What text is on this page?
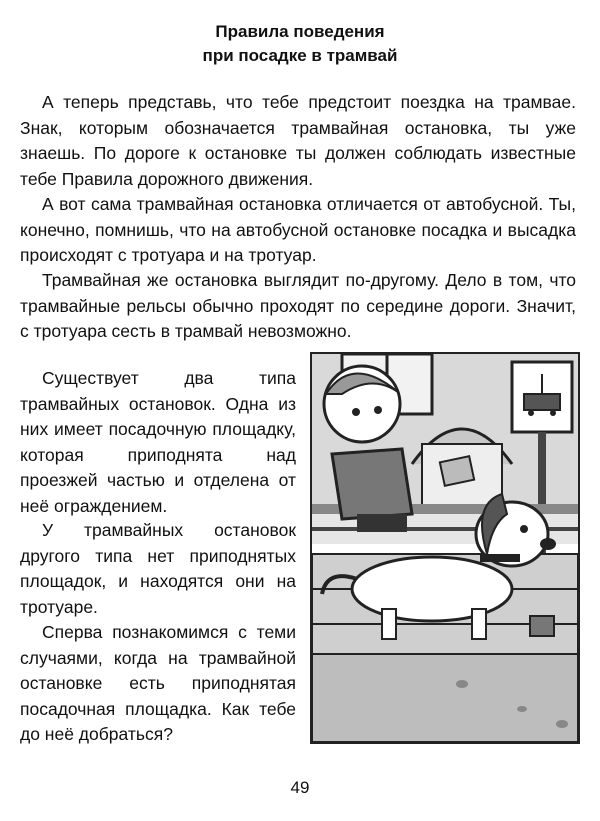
Правила поведения
при посадке в трамвай

А теперь представь, что тебе предстоит поездка на трамвае. Знак, которым обозначается трамвайная остановка, ты уже знаешь. По дороге к остановке ты должен соблюдать известные тебе Правила дорожного движения.

А вот сама трамвайная остановка отличается от автобусной. Ты, конечно, помнишь, что на автобусной остановке посадка и высадка происходят с тротуара и на тротуар.

Трамвайная же остановка выглядит по-другому. Дело в том, что трамвайные рельсы обычно проходят по середине дороги. Значит, с тротуара сесть в трамвай невозможно.

Существует два типа трамвайных остановок. Одна из них имеет посадочную площадку, которая приподнята над проезжей частью и отделена от неё ограждением.

У трамвайных остановок другого типа нет приподнятых площадок, и находятся они на тротуаре.

Сперва познакомимся с теми случаями, когда на трамвайной остановке есть приподнятая посадочная площадка. Как тебе до неё добраться?

49
